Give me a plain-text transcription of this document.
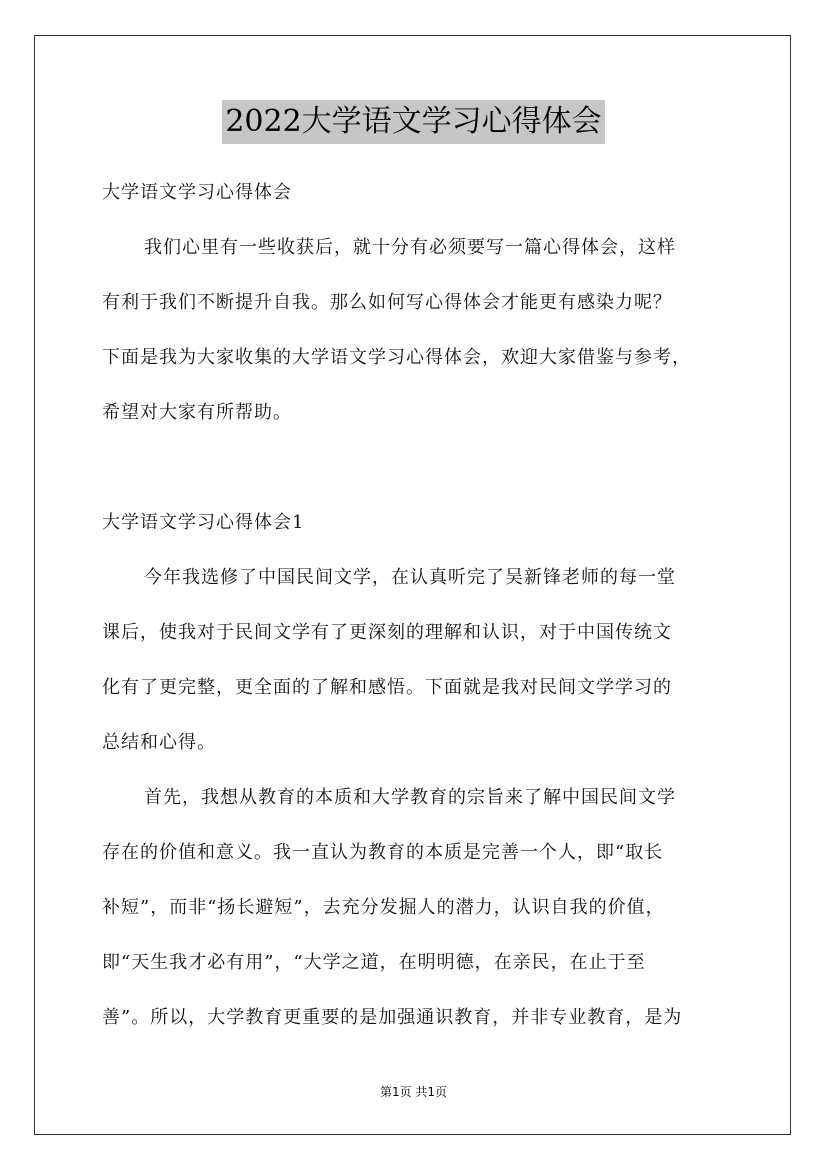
2022大学语文学习心得体会
大学语文学习心得体会
我们心里有一些收获后，就十分有必须要写一篇心得体会，这样
有利于我们不断提升自我。那么如何写心得体会才能更有感染力呢？
下面是我为大家收集的大学语文学习心得体会，欢迎大家借鉴与参考，
希望对大家有所帮助。
大学语文学习心得体会1
今年我选修了中国民间文学，在认真听完了吴新锋老师的每一堂
课后，使我对于民间文学有了更深刻的理解和认识，对于中国传统文
化有了更完整，更全面的了解和感悟。下面就是我对民间文学学习的
总结和心得。
首先，我想从教育的本质和大学教育的宗旨来了解中国民间文学
存在的价值和意义。我一直认为教育的本质是完善一个人，即“取长
补短”，而非“扬长避短”，去充分发掘人的潜力，认识自我的价值，
即“天生我才必有用”，“大学之道，在明明德，在亲民，在止于至
善”。所以，大学教育更重要的是加强通识教育，并非专业教育，是为
第1页 共1页
